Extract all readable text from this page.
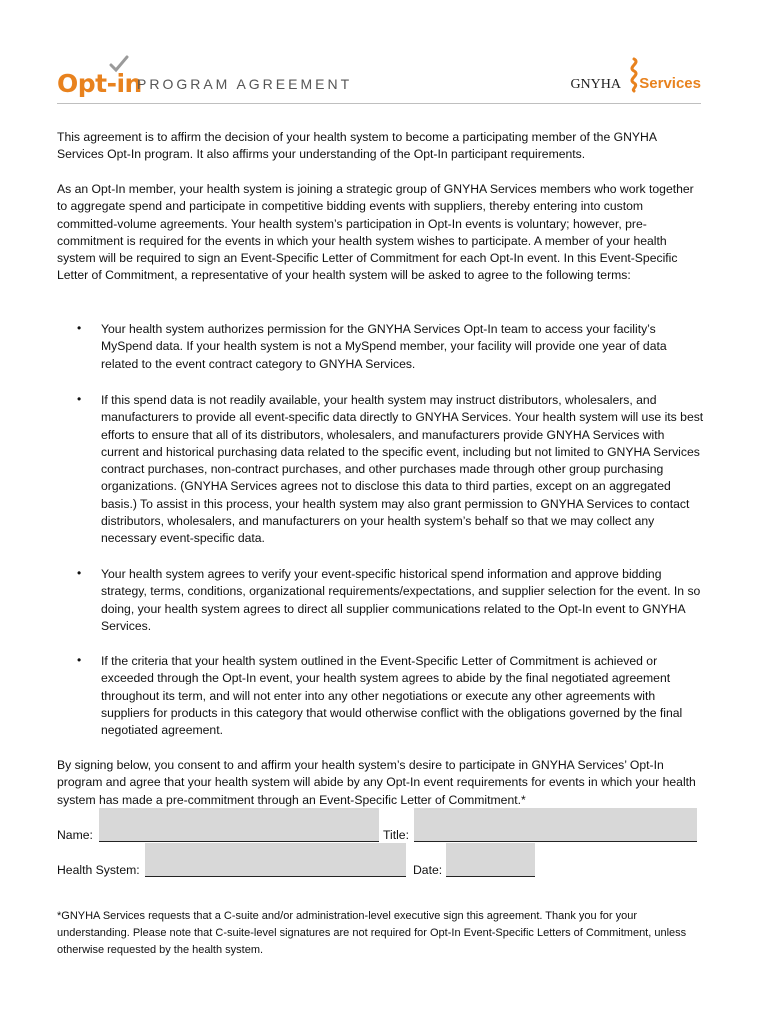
Opt-in
PROGRAM AGREEMENT	GNYHA Services

This agreement is to affirm the decision of your health system to become a participating member of the GNYHA Services Opt-In program. It also affirms your understanding of the Opt-In participant requirements.

As an Opt-In member, your health system is joining a strategic group of GNYHA Services members who work together to aggregate spend and participate in competitive bidding events with suppliers, thereby entering into custom committed-volume agreements. Your health system’s participation in Opt-In events is voluntary; however, pre-commitment is required for the events in which your health system wishes to participate. A member of your health system will be required to sign an Event-Specific Letter of Commitment for each Opt-In event. In this Event-Specific Letter of Commitment, a representative of your health system will be asked to agree to the following terms:

• Your health system authorizes permission for the GNYHA Services Opt-In team to access your facility’s MySpend data. If your health system is not a MySpend member, your facility will provide one year of data related to the event contract category to GNYHA Services.

• If this spend data is not readily available, your health system may instruct distributors, wholesalers, and manufacturers to provide all event-specific data directly to GNYHA Services. Your health system will use its best efforts to ensure that all of its distributors, wholesalers, and manufacturers provide GNYHA Services with current and historical purchasing data related to the specific event, including but not limited to GNYHA Services contract purchases, non-contract purchases, and other purchases made through other group purchasing organizations. (GNYHA Services agrees not to disclose this data to third parties, except on an aggregated basis.) To assist in this process, your health system may also grant permission to GNYHA Services to contact distributors, wholesalers, and manufacturers on your health system’s behalf so that we may collect any necessary event-specific data.

• Your health system agrees to verify your event-specific historical spend information and approve bidding strategy, terms, conditions, organizational requirements/expectations, and supplier selection for the event. In so doing, your health system agrees to direct all supplier communications related to the Opt-In event to GNYHA Services.

• If the criteria that your health system outlined in the Event-Specific Letter of Commitment is achieved or exceeded through the Opt-In event, your health system agrees to abide by the final negotiated agreement throughout its term, and will not enter into any other negotiations or execute any other agreements with suppliers for products in this category that would otherwise conflict with the obligations governed by the final negotiated agreement.

By signing below, you consent to and affirm your health system’s desire to participate in GNYHA Services’ Opt-In program and agree that your health system will abide by any Opt-In event requirements for events in which your health system has made a pre-commitment through an Event-Specific Letter of Commitment.*

Name:	Title:
Health System:	Date:

*GNYHA Services requests that a C-suite and/or administration-level executive sign this agreement. Thank you for your understanding. Please note that C-suite-level signatures are not required for Opt-In Event-Specific Letters of Commitment, unless otherwise requested by the health system.
